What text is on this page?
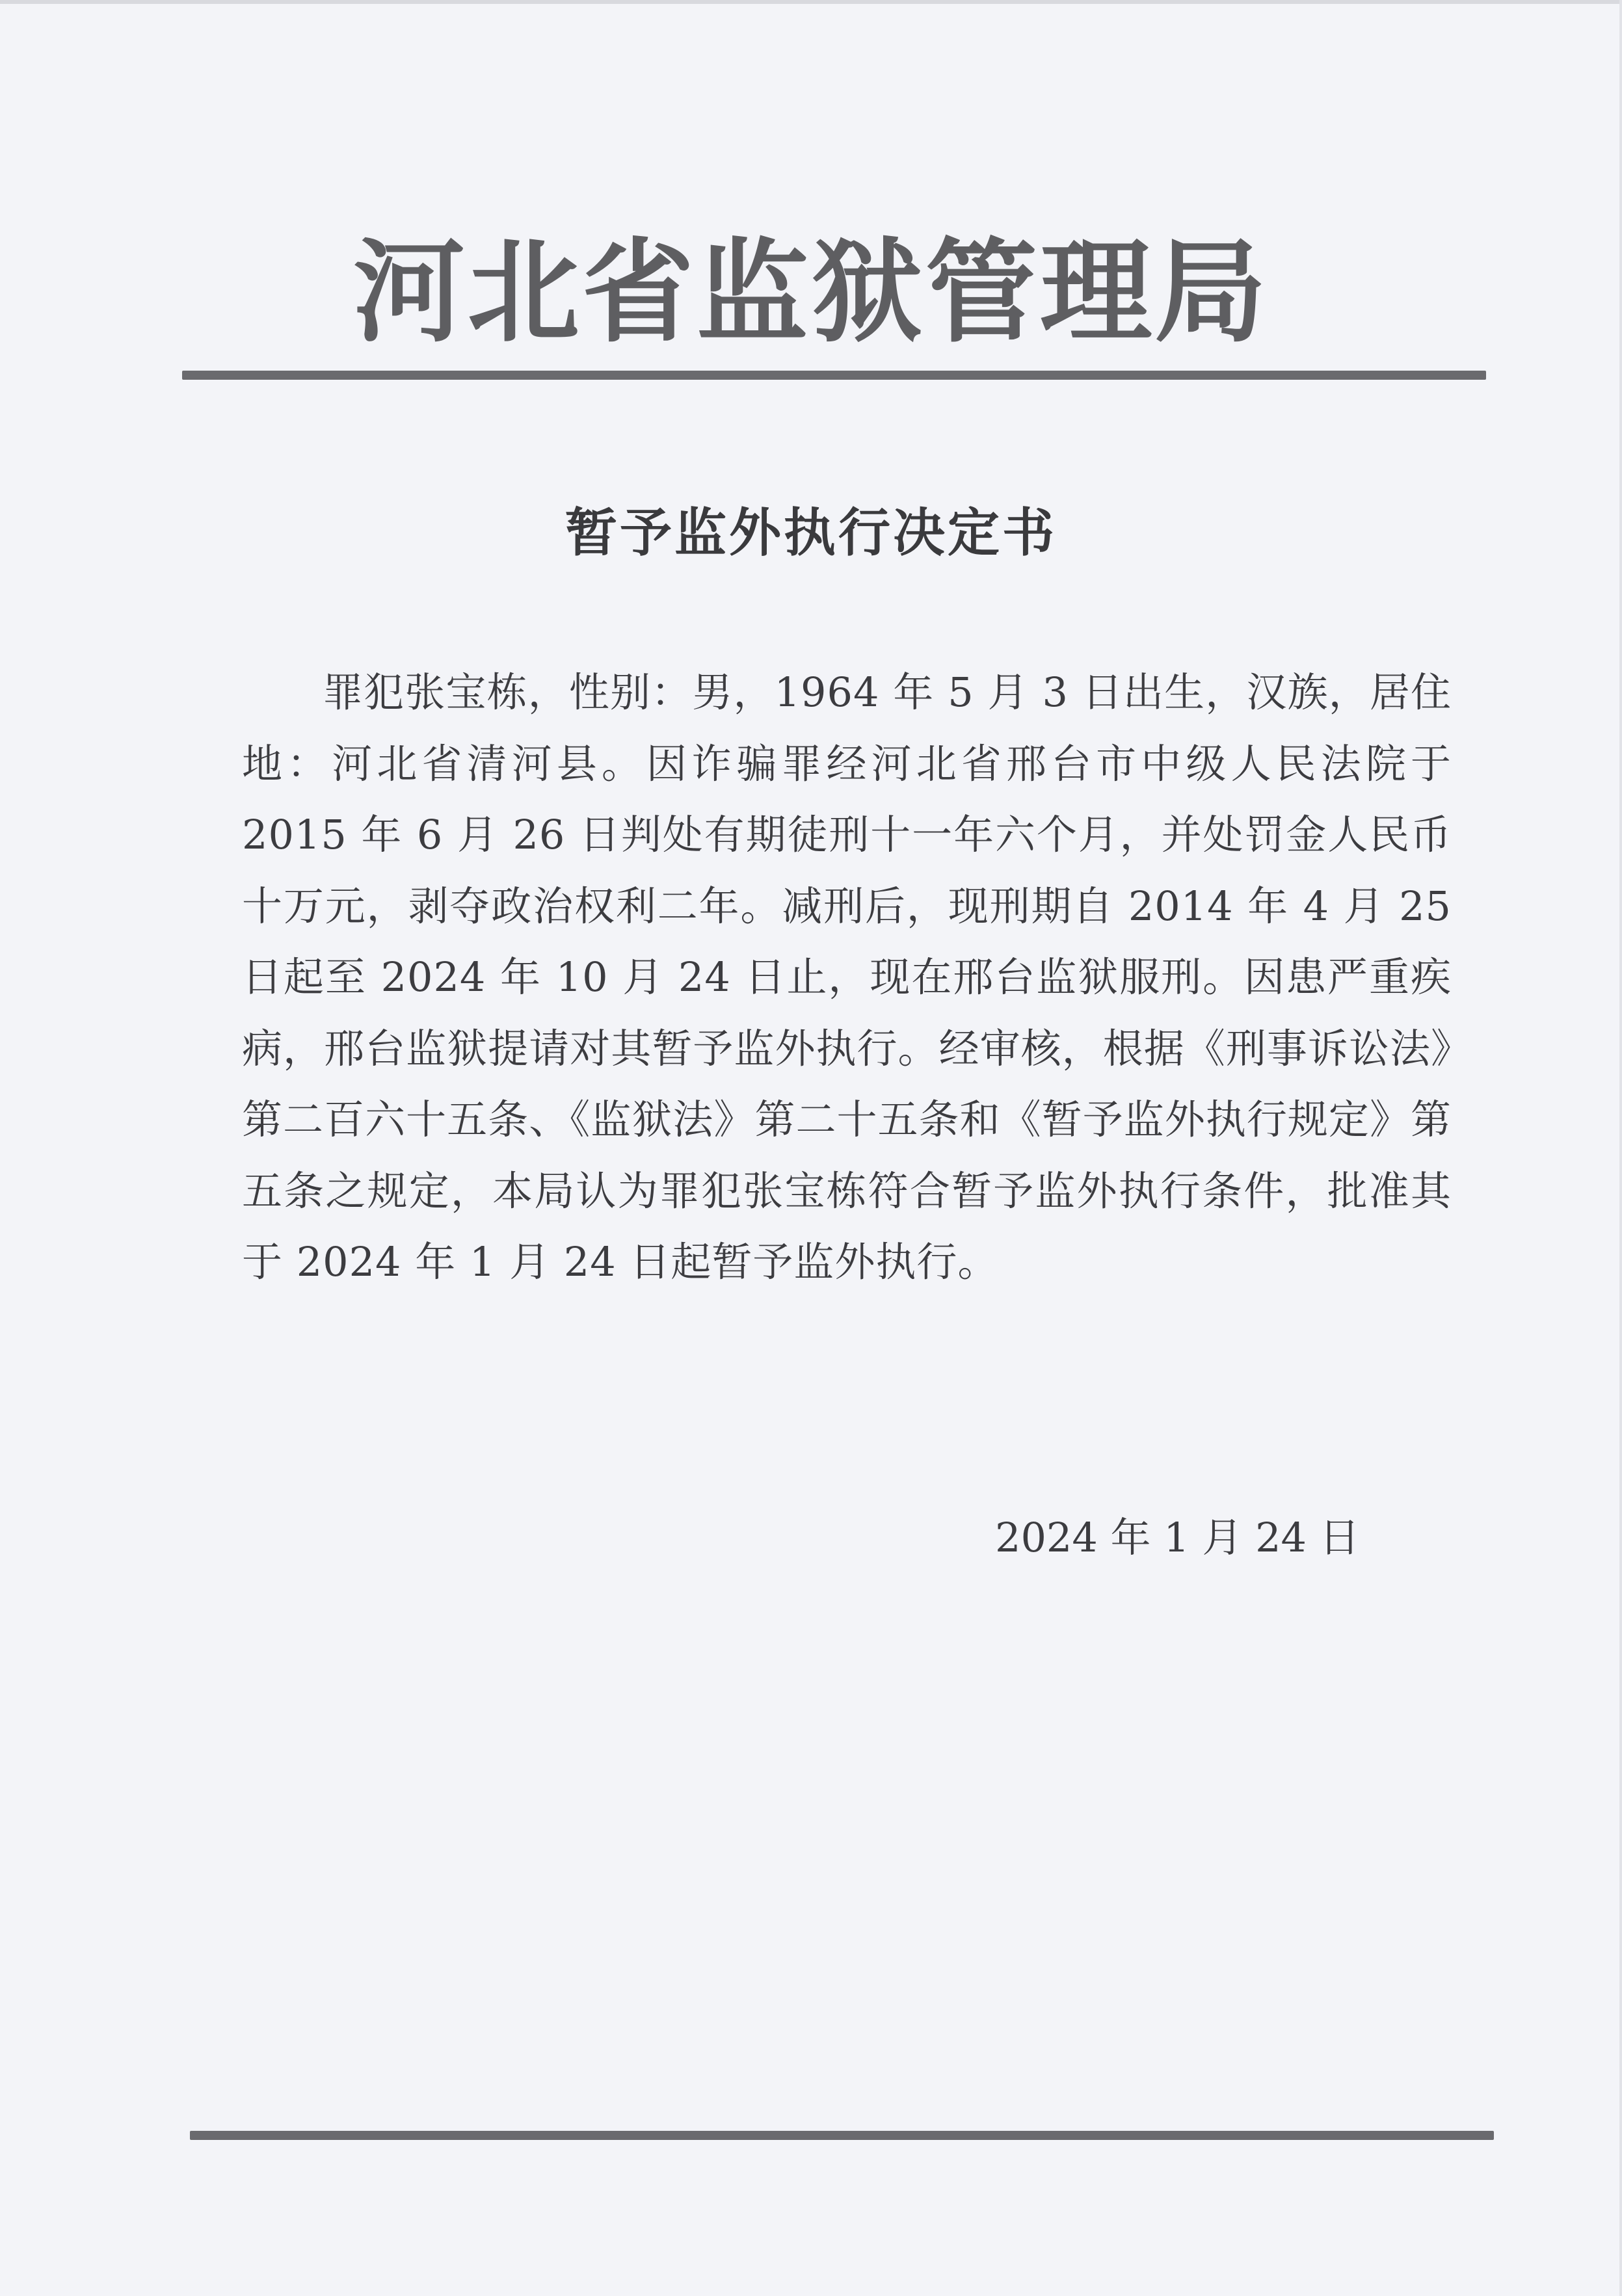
河北省监狱管理局
暂予监外执行决定书

罪犯张宝栋，性别：男，1964 年 5 月 3 日出生，汉族，居住地：河北省清河县。因诈骗罪经河北省邢台市中级人民法院于 2015 年 6 月 26 日判处有期徒刑十一年六个月，并处罚金人民币十万元，剥夺政治权利二年。减刑后，现刑期自 2014 年 4 月 25 日起至 2024 年 10 月 24 日止，现在邢台监狱服刑。因患严重疾病，邢台监狱提请对其暂予监外执行。经审核，根据《刑事诉讼法》第二百六十五条、《监狱法》第二十五条和《暂予监外执行规定》第五条之规定，本局认为罪犯张宝栋符合暂予监外执行条件，批准其于 2024 年 1 月 24 日起暂予监外执行。

2024 年 1 月 24 日
